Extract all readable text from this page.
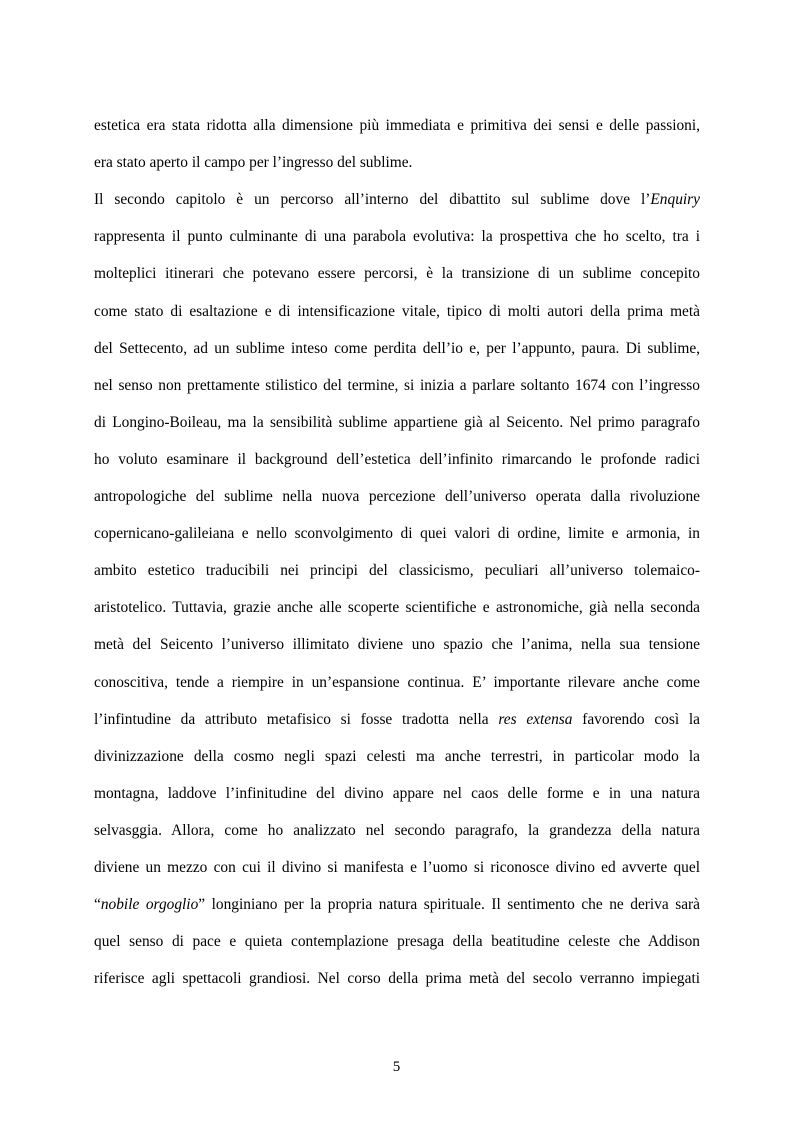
estetica era stata ridotta alla dimensione più immediata e primitiva dei sensi e delle passioni,
era stato aperto il campo per l’ingresso del sublime.
Il secondo capitolo è un percorso all’interno del dibattito sul sublime dove l’Enquiry
rappresenta il punto culminante di una parabola evolutiva: la prospettiva che ho scelto, tra i
molteplici itinerari che potevano essere percorsi, è la transizione di un sublime concepito
come stato di esaltazione e di intensificazione vitale, tipico di molti autori della prima metà
del Settecento, ad un sublime inteso come perdita dell’io e, per l’appunto, paura. Di sublime,
nel senso non prettamente stilistico del termine, si inizia a parlare soltanto 1674 con l’ingresso
di Longino-Boileau, ma la sensibilità sublime appartiene già al Seicento. Nel primo paragrafo
ho voluto esaminare il background dell’estetica dell’infinito rimarcando le profonde radici
antropologiche del sublime nella nuova percezione dell’universo operata dalla rivoluzione
copernicano-galileiana e nello sconvolgimento di quei valori di ordine, limite e armonia, in
ambito estetico traducibili nei principi del classicismo, peculiari all’universo tolemaico-
aristotelico. Tuttavia, grazie anche alle scoperte scientifiche e astronomiche, già nella seconda
metà del Seicento l’universo illimitato diviene uno spazio che l’anima, nella sua tensione
conoscitiva, tende a riempire in un’espansione continua. E’ importante rilevare anche come
l’infintudine da attributo metafisico si fosse tradotta nella res extensa favorendo così la
divinizzazione della cosmo negli spazi celesti ma anche terrestri, in particolar modo la
montagna, laddove l’infinitudine del divino appare nel caos delle forme e in una natura
selvasggia. Allora, come ho analizzato nel secondo paragrafo, la grandezza della natura
diviene un mezzo con cui il divino si manifesta e l’uomo si riconosce divino ed avverte quel
“nobile orgoglio” longiniano per la propria natura spirituale. Il sentimento che ne deriva sarà
quel senso di pace e quieta contemplazione presaga della beatitudine celeste che Addison
riferisce agli spettacoli grandiosi. Nel corso della prima metà del secolo verranno impiegati
5
